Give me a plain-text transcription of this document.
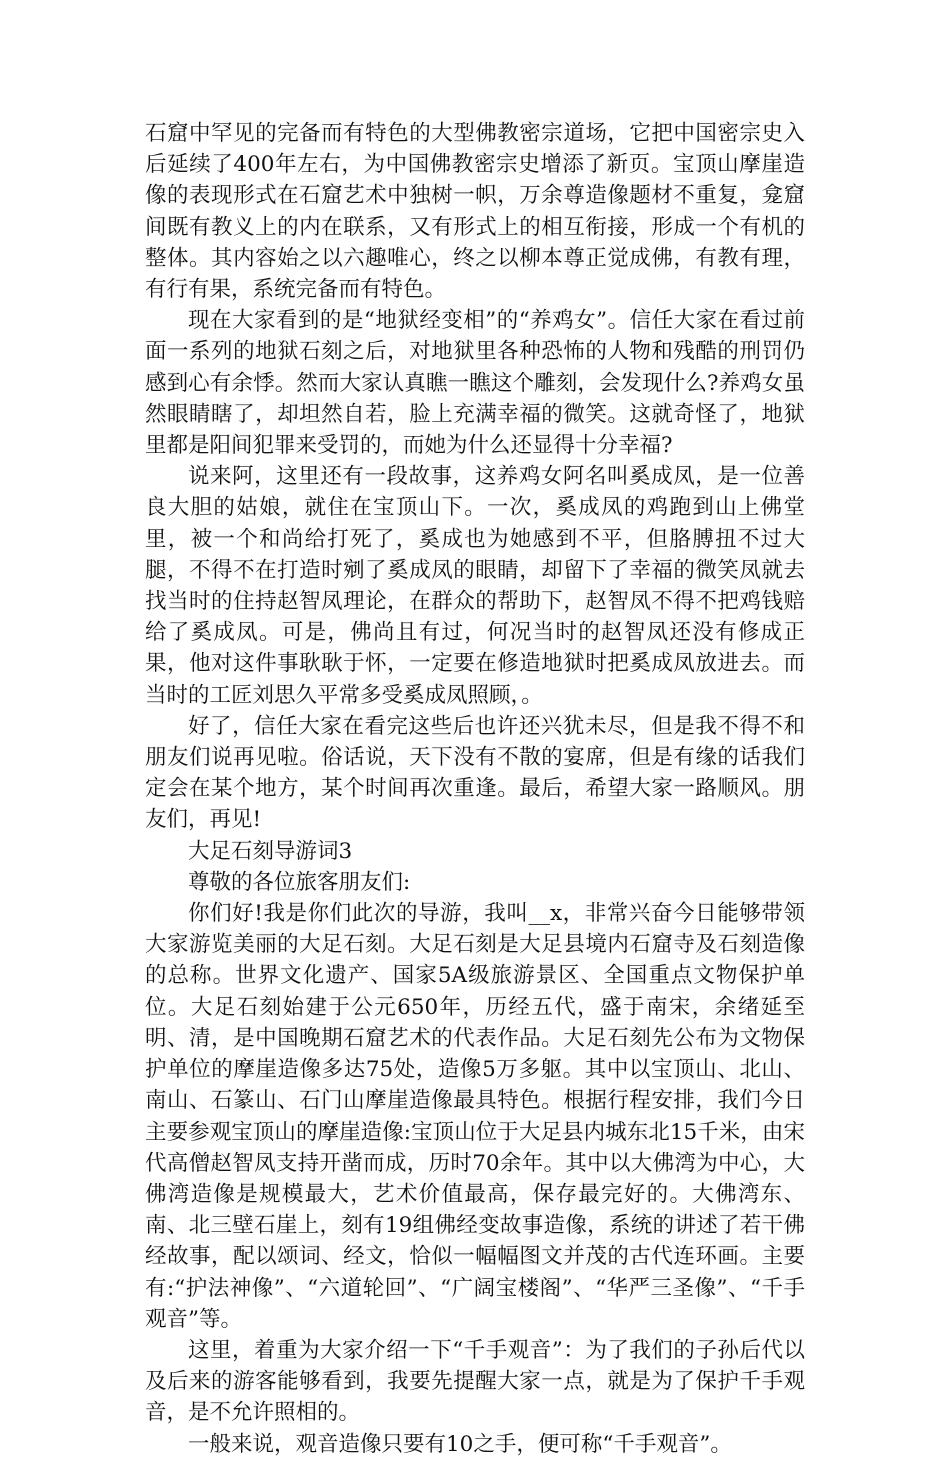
石窟中罕见的完备而有特色的大型佛教密宗道场，它把中国密宗史入后延续了400年左右，为中国佛教密宗史增添了新页。宝顶山摩崖造像的表现形式在石窟艺术中独树一帜，万余尊造像题材不重复，龛窟间既有教义上的内在联系，又有形式上的相互衔接，形成一个有机的整体。其内容始之以六趣唯心，终之以柳本尊正觉成佛，有教有理，有行有果，系统完备而有特色。

现在大家看到的是“地狱经变相”的“养鸡女”。信任大家在看过前面一系列的地狱石刻之后，对地狱里各种恐怖的人物和残酷的刑罚仍感到心有余悸。然而大家认真瞧一瞧这个雕刻，会发现什么?养鸡女虽然眼睛瞎了，却坦然自若，脸上充满幸福的微笑。这就奇怪了，地狱里都是阳间犯罪来受罚的，而她为什么还显得十分幸福?

说来阿，这里还有一段故事，这养鸡女阿名叫奚成凤，是一位善良大胆的姑娘，就住在宝顶山下。一次，奚成凤的鸡跑到山上佛堂里，被一个和尚给打死了，奚成也为她感到不平，但胳膊扭不过大腿，不得不在打造时剜了奚成凤的眼睛，却留下了幸福的微笑凤就去找当时的住持赵智凤理论，在群众的帮助下，赵智凤不得不把鸡钱赔给了奚成凤。可是，佛尚且有过，何况当时的赵智凤还没有修成正果，他对这件事耿耿于怀，一定要在修造地狱时把奚成凤放进去。而当时的工匠刘思久平常多受奚成凤照顾，。

好了，信任大家在看完这些后也许还兴犹未尽，但是我不得不和朋友们说再见啦。俗话说，天下没有不散的宴席，但是有缘的话我们定会在某个地方，某个时间再次重逢。最后，希望大家一路顺风。朋友们，再见!

大足石刻导游词3

尊敬的各位旅客朋友们:

你们好!我是你们此次的导游，我叫__x，非常兴奋今日能够带领大家游览美丽的大足石刻。大足石刻是大足县境内石窟寺及石刻造像的总称。世界文化遗产、国家5A级旅游景区、全国重点文物保护单位。大足石刻始建于公元650年，历经五代，盛于南宋，余绪延至明、清，是中国晚期石窟艺术的代表作品。大足石刻先公布为文物保护单位的摩崖造像多达75处，造像5万多躯。其中以宝顶山、北山、南山、石篆山、石门山摩崖造像最具特色。根据行程安排，我们今日主要参观宝顶山的摩崖造像:宝顶山位于大足县内城东北15千米，由宋代高僧赵智凤支持开凿而成，历时70余年。其中以大佛湾为中心，大佛湾造像是规模最大，艺术价值最高，保存最完好的。大佛湾东、南、北三壁石崖上，刻有19组佛经变故事造像，系统的讲述了若干佛经故事，配以颂词、经文，恰似一幅幅图文并茂的古代连环画。主要有:“护法神像”、“六道轮回”、“广阔宝楼阁”、“华严三圣像”、“千手观音”等。

这里，着重为大家介绍一下“千手观音”：为了我们的子孙后代以及后来的游客能够看到，我要先提醒大家一点，就是为了保护千手观音，是不允许照相的。

一般来说，观音造像只要有10之手，便可称“千手观音”。
